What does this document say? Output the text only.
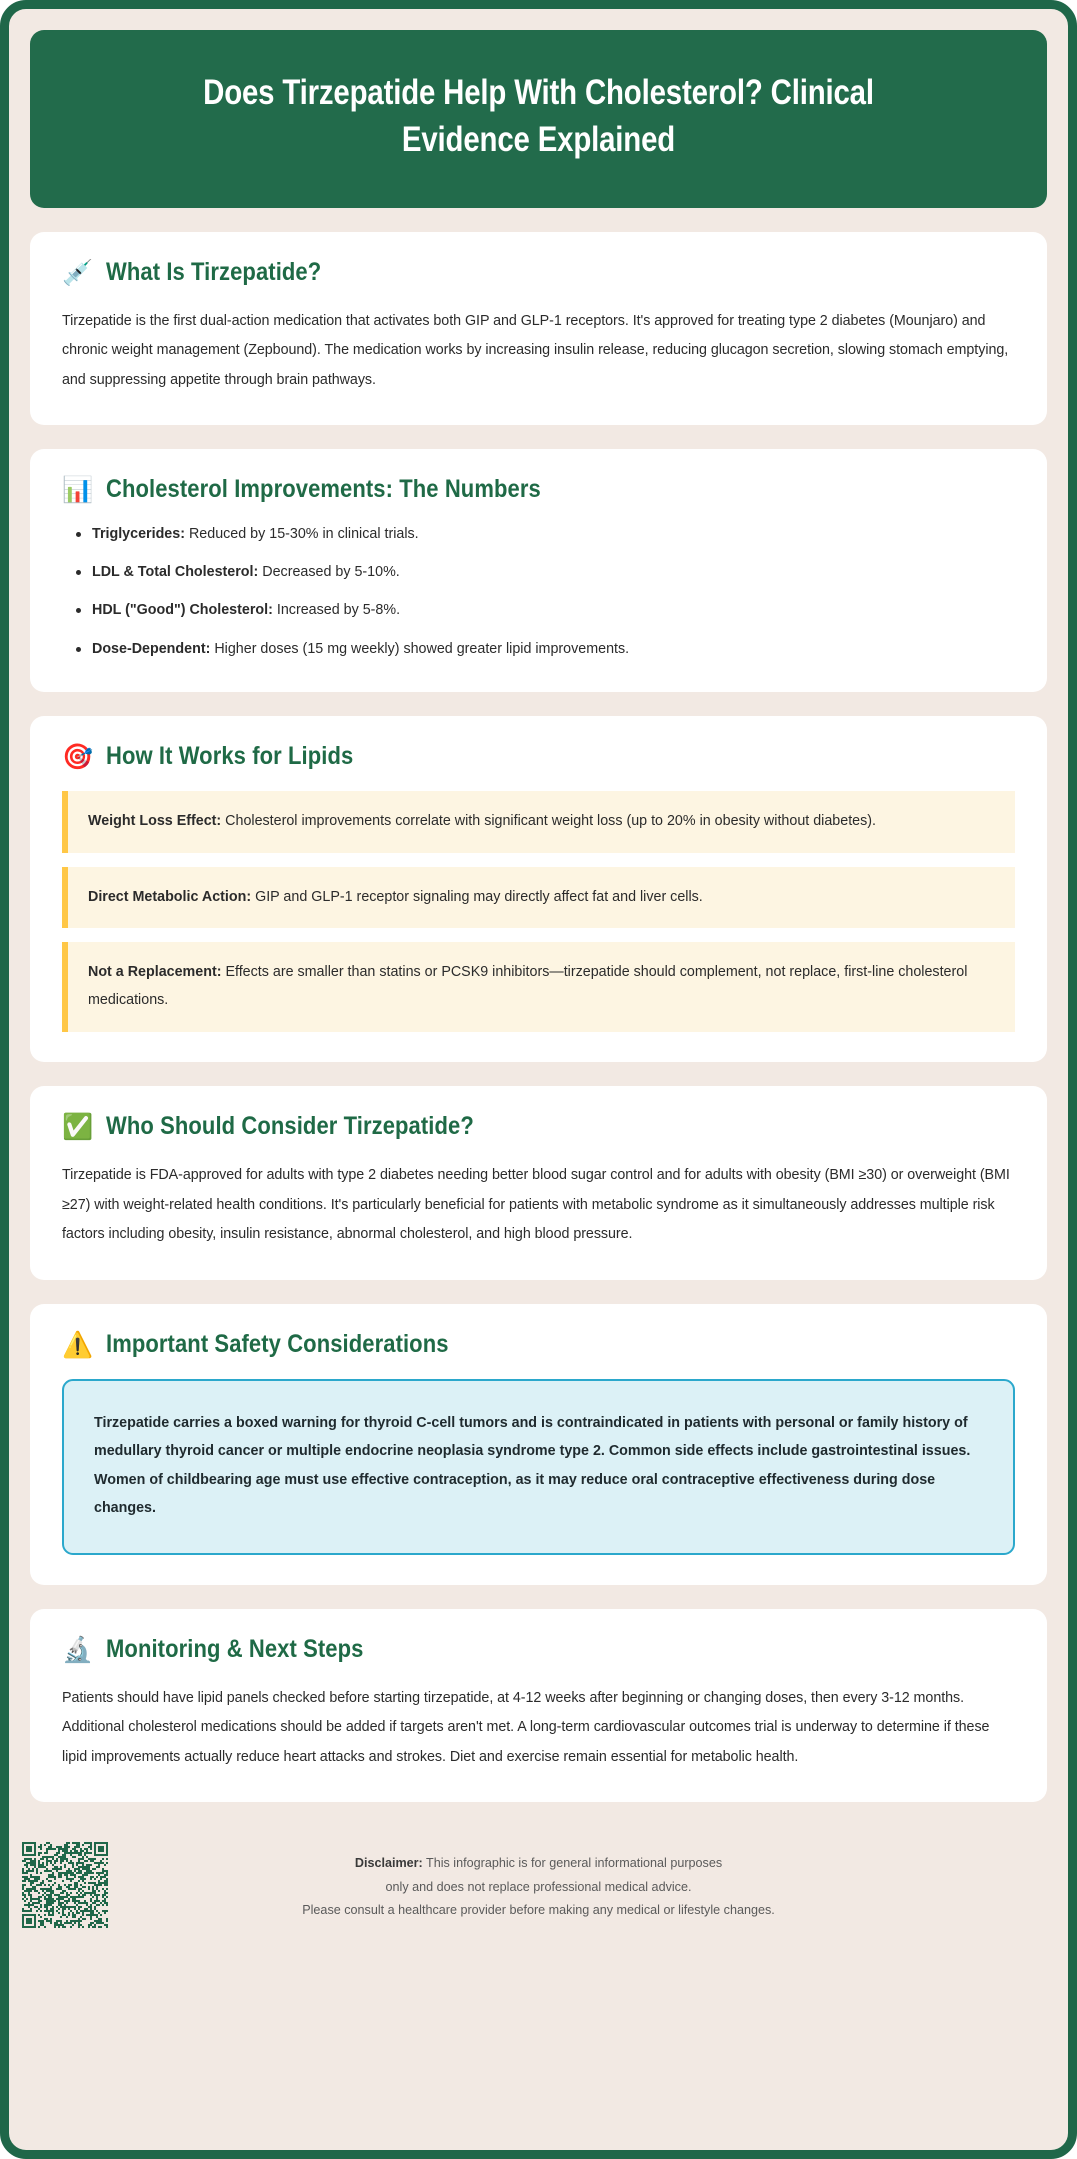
Does Tirzepatide Help With Cholesterol? Clinical Evidence Explained
💉 What Is Tirzepatide?

Tirzepatide is the first dual-action medication that activates both GIP and GLP-1 receptors. It's approved for treating type 2 diabetes (Mounjaro) and chronic weight management (Zepbound). The medication works by increasing insulin release, reducing glucagon secretion, slowing stomach emptying, and suppressing appetite through brain pathways.

📊 Cholesterol Improvements: The Numbers
Triglycerides: Reduced by 15-30% in clinical trials.
LDL & Total Cholesterol: Decreased by 5-10%.
HDL ("Good") Cholesterol: Increased by 5-8%.
Dose-Dependent: Higher doses (15 mg weekly) showed greater lipid improvements.
🎯 How It Works for Lipids
Weight Loss Effect: Cholesterol improvements correlate with significant weight loss (up to 20% in obesity without diabetes).
Direct Metabolic Action: GIP and GLP-1 receptor signaling may directly affect fat and liver cells.
Not a Replacement: Effects are smaller than statins or PCSK9 inhibitors—tirzepatide should complement, not replace, first-line cholesterol medications.
✅ Who Should Consider Tirzepatide?

Tirzepatide is FDA-approved for adults with type 2 diabetes needing better blood sugar control and for adults with obesity (BMI ≥30) or overweight (BMI ≥27) with weight-related health conditions. It's particularly beneficial for patients with metabolic syndrome as it simultaneously addresses multiple risk factors including obesity, insulin resistance, abnormal cholesterol, and high blood pressure.

⚠️ Important Safety Considerations
Tirzepatide carries a boxed warning for thyroid C-cell tumors and is contraindicated in patients with personal or family history of medullary thyroid cancer or multiple endocrine neoplasia syndrome type 2. Common side effects include gastrointestinal issues. Women of childbearing age must use effective contraception, as it may reduce oral contraceptive effectiveness during dose changes.
🔬 Monitoring & Next Steps

Patients should have lipid panels checked before starting tirzepatide, at 4-12 weeks after beginning or changing doses, then every 3-12 months. Additional cholesterol medications should be added if targets aren't met. A long-term cardiovascular outcomes trial is underway to determine if these lipid improvements actually reduce heart attacks and strokes. Diet and exercise remain essential for metabolic health.

Disclaimer: This infographic is for general informational purposes
only and does not replace professional medical advice.
Please consult a healthcare provider before making any medical or lifestyle changes.
